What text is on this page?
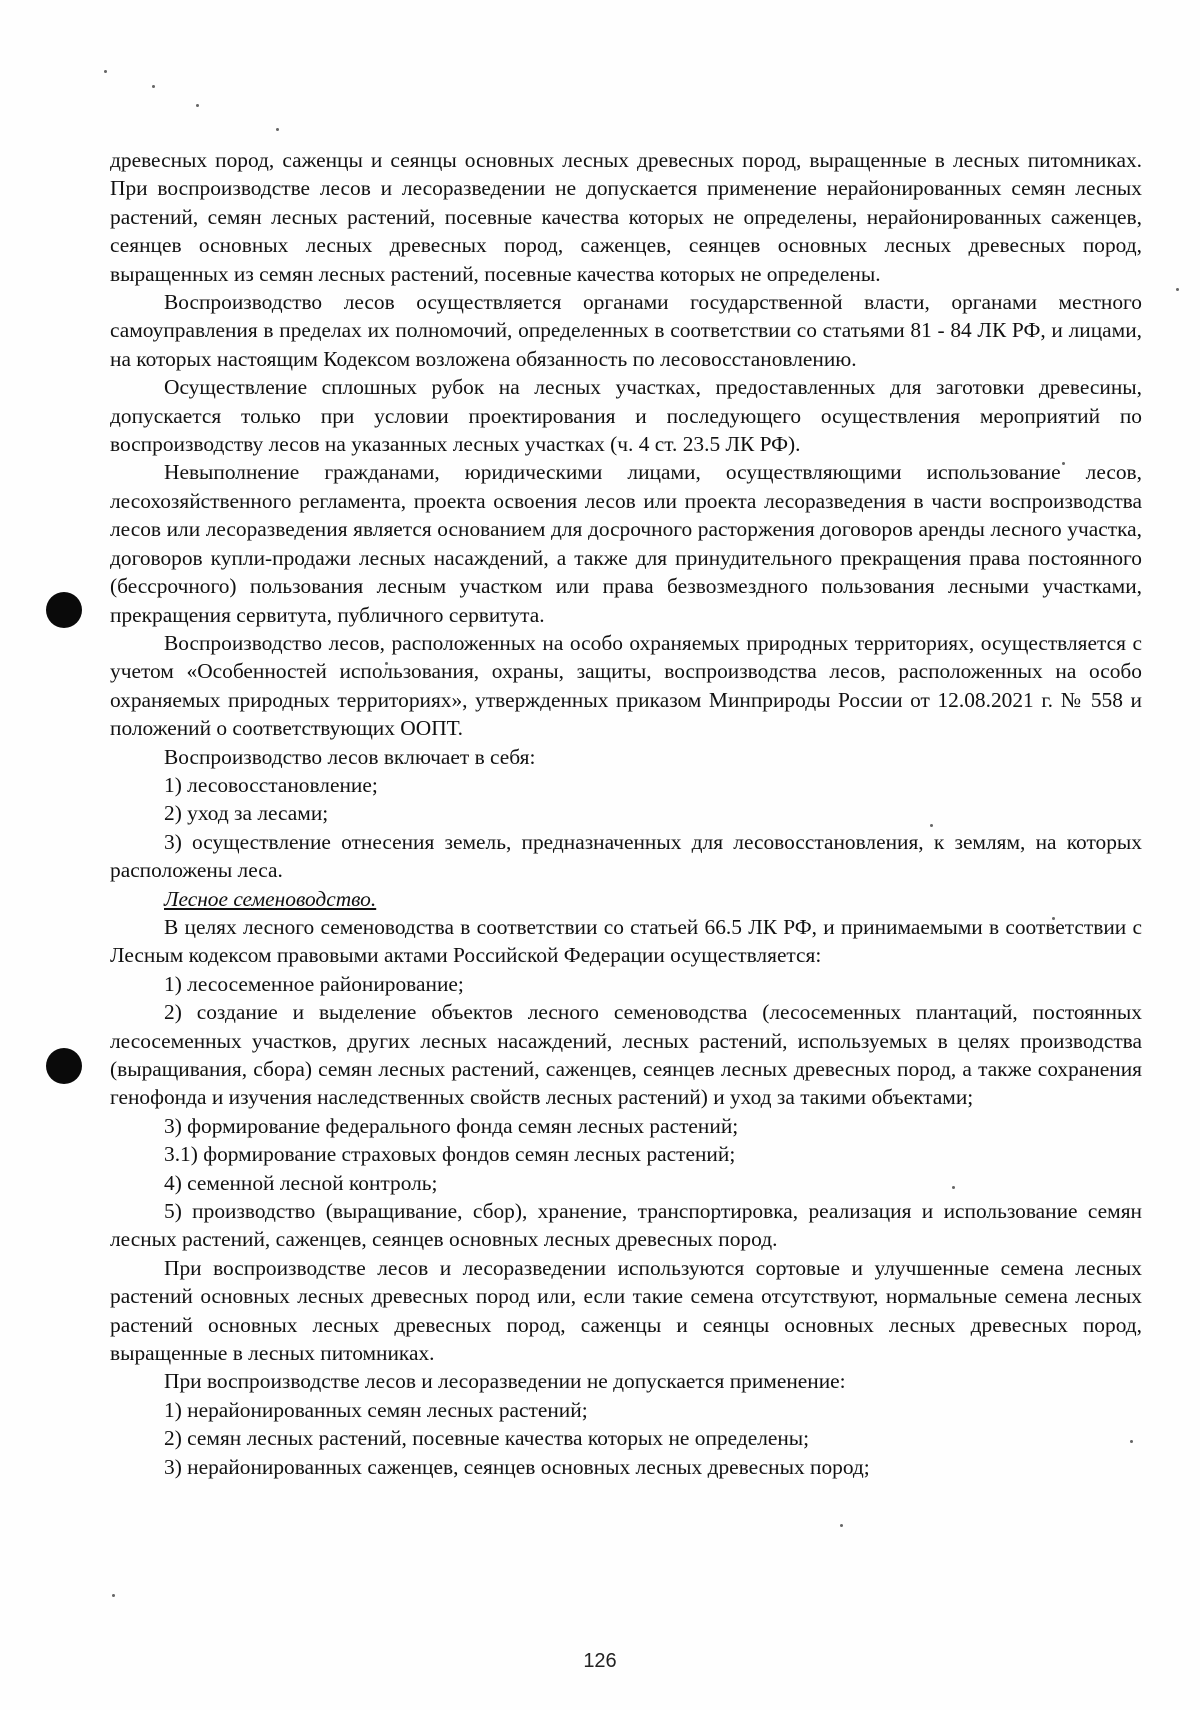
древесных пород, саженцы и сеянцы основных лесных древесных пород, выращенные в лесных питомниках. При воспроизводстве лесов и лесоразведении не допускается применение нерайонированных семян лесных растений, семян лесных растений, посевные качества которых не определены, нерайонированных саженцев, сеянцев основных лесных древесных пород, саженцев, сеянцев основных лесных древесных пород, выращенных из семян лесных растений, посевные качества которых не определены.

Воспроизводство лесов осуществляется органами государственной власти, органами местного самоуправления в пределах их полномочий, определенных в соответствии со статьями 81 - 84 ЛК РФ, и лицами, на которых настоящим Кодексом возложена обязанность по лесовосстановлению.

Осуществление сплошных рубок на лесных участках, предоставленных для заготовки древесины, допускается только при условии проектирования и последующего осуществления мероприятий по воспроизводству лесов на указанных лесных участках (ч. 4 ст. 23.5 ЛК РФ).

Невыполнение гражданами, юридическими лицами, осуществляющими использование лесов, лесохозяйственного регламента, проекта освоения лесов или проекта лесоразведения в части воспроизводства лесов или лесоразведения является основанием для досрочного расторжения договоров аренды лесного участка, договоров купли-продажи лесных насаждений, а также для принудительного прекращения права постоянного (бессрочного) пользования лесным участком или права безвозмездного пользования лесными участками, прекращения сервитута, публичного сервитута.

Воспроизводство лесов, расположенных на особо охраняемых природных территориях, осуществляется с учетом «Особенностей использования, охраны, защиты, воспроизводства лесов, расположенных на особо охраняемых природных территориях», утвержденных приказом Минприроды России от 12.08.2021 г. № 558 и положений о соответствующих ООПТ.

Воспроизводство лесов включает в себя:

1) лесовосстановление;

2) уход за лесами;

3) осуществление отнесения земель, предназначенных для лесовосстановления, к землям, на которых расположены леса.

Лесное семеноводство.

В целях лесного семеноводства в соответствии со статьей 66.5 ЛК РФ, и принимаемыми в соответствии с Лесным кодексом правовыми актами Российской Федерации осуществляется:

1) лесосеменное районирование;

2) создание и выделение объектов лесного семеноводства (лесосеменных плантаций, постоянных лесосеменных участков, других лесных насаждений, лесных растений, используемых в целях производства (выращивания, сбора) семян лесных растений, саженцев, сеянцев лесных древесных пород, а также сохранения генофонда и изучения наследственных свойств лесных растений) и уход за такими объектами;

3) формирование федерального фонда семян лесных растений;

3.1) формирование страховых фондов семян лесных растений;

4) семенной лесной контроль;

5) производство (выращивание, сбор), хранение, транспортировка, реализация и использование семян лесных растений, саженцев, сеянцев основных лесных древесных пород.

При воспроизводстве лесов и лесоразведении используются сортовые и улучшенные семена лесных растений основных лесных древесных пород или, если такие семена отсутствуют, нормальные семена лесных растений основных лесных древесных пород, саженцы и сеянцы основных лесных древесных пород, выращенные в лесных питомниках.

При воспроизводстве лесов и лесоразведении не допускается применение:

1) нерайонированных семян лесных растений;

2) семян лесных растений, посевные качества которых не определены;

3) нерайонированных саженцев, сеянцев основных лесных древесных пород;

126
